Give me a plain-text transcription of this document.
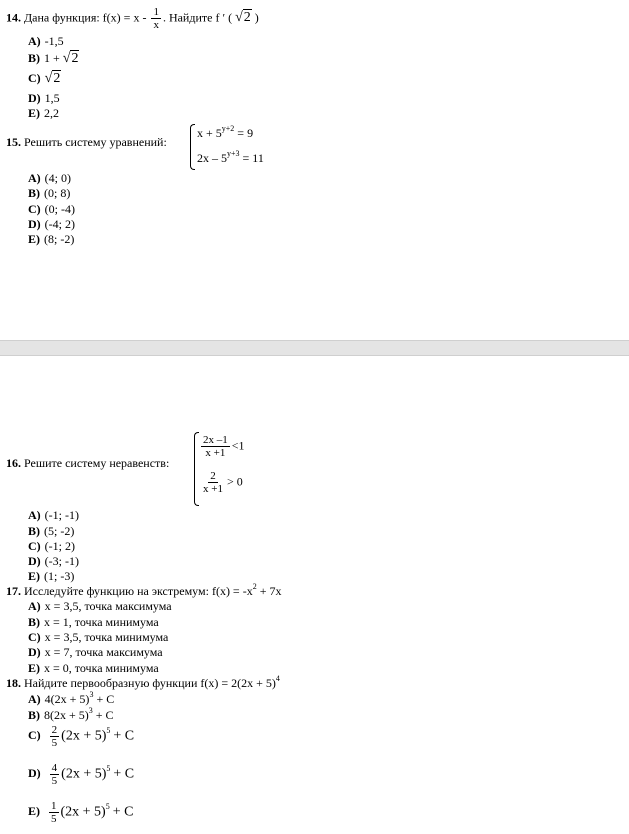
14. Дана функция: $f(x) = x - \frac{1}{x}$ . Найдите f ′ ( √2 )
A) -1,5
B) 1 + √2
C) √2
D) 1,5
E) 2,2
15. Решить систему уравнений:
$x + 5^{y+2} = 9$
$2x - 5^{y+3} = 11$
A) (4; 0)
B) (0; 8)
C) (0; -4)
D) (-4; 2)
E) (8; -2)
16. Решите систему неравенств:
$\frac{2x -1}{x +1} <1$
$\frac{2}{x +1} > 0$
A) (-1; -1)
B) (5; -2)
C) (-1; 2)
D) (-3; -1)
E) (1; -3)
17. Исследуйте функцию на экстремум: $f(x) = -x^2 + 7x$
A) x = 3,5, точка максимума
B) x = 1, точка минимума
C) x = 3,5, точка минимума
D) x = 7, точка максимума
E) x = 0, точка минимума
18. Найдите первообразную функции $f(x) = 2(2x + 5)^4$
A) $4(2x + 5)^3 + C$
B) $8(2x + 5)^3 + C$
$C) \frac{2}{5} (2x + 5)^5 + C$
$D) \frac{4}{5} (2x + 5)^5 + C$
$E) \frac{1}{5} (2x + 5)^5 + C$
